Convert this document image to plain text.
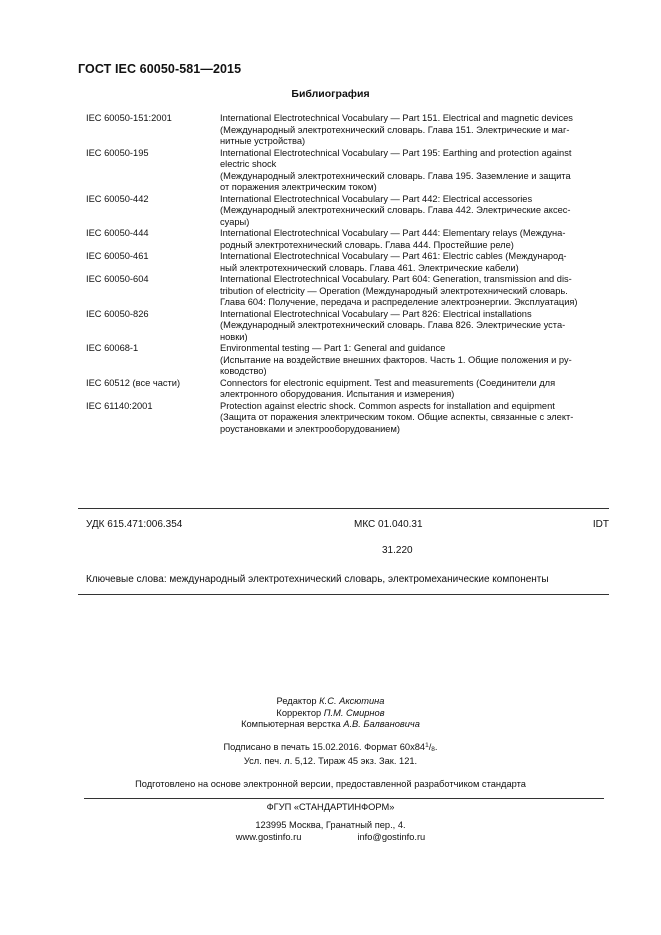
ГОСТ IEC 60050-581—2015
Библиография
IEC 60050-151:2001	International Electrotechnical Vocabulary — Part 151. Electrical and magnetic devices
(Международный электротехнический словарь. Глава 151. Электрические и маг-
нитные устройства)
IEC 60050-195	International Electrotechnical Vocabulary — Part 195: Earthing and protection against
electric shock
(Международный электротехнический словарь. Глава 195. Заземление и защита
от поражения электрическим током)
IEC 60050-442	International Electrotechnical Vocabulary — Part 442: Electrical accessories
(Международный электротехнический словарь. Глава 442. Электрические аксес-
суары)
IEC 60050-444	International Electrotechnical Vocabulary — Part 444: Elementary relays (Междуна-
родный электротехнический словарь. Глава 444. Простейшие реле)
IEC 60050-461	International Electrotechnical Vocabulary — Part 461: Electric cables (Международ-
ный электротехнический словарь. Глава 461. Электрические кабели)
IEC 60050-604	International Electrotechnical Vocabulary. Part 604: Generation, transmission and dis-
tribution of electricity — Operation (Международный электротехнический словарь.
Глава 604: Получение, передача и распределение электроэнергии. Эксплуатация)
IEC 60050-826	International Electrotechnical Vocabulary — Part 826: Electrical installations
(Международный электротехнический словарь. Глава 826. Электрические уста-
новки)
IEC 60068-1	Environmental testing — Part 1: General and guidance
(Испытание на воздействие внешних факторов. Часть 1. Общие положения и ру-
ководство)
IEC 60512 (все части)	Connectors for electronic equipment. Test and measurements (Соединители для
электронного оборудования. Испытания и измерения)
IEC 61140:2001	Protection against electric shock. Common aspects for installation and equipment
(Защита от поражения электрическим током. Общие аспекты, связанные с элект-
роустановками и электрооборудованием)
УДК 615.471:006.354	МКС 01.040.31	IDT
31.220
Ключевые слова: международный электротехнический словарь, электромеханические компоненты
Редактор К.С. Аксютина
Корректор П.М. Смирнов
Компьютерная верстка А.В. Балвановича
Подписано в печать 15.02.2016. Формат $60x84^1/8$.
Усл. печ. л. 5,12. Тираж 45 экз. Зак. 121.
Подготовлено на основе электронной версии, предоставленной разработчиком стандарта
ФГУП «СТАНДАРТИНФОРМ»
123995 Москва, Гранатный пер., 4.
www.gostinfo.ru	info@gostinfo.ru
